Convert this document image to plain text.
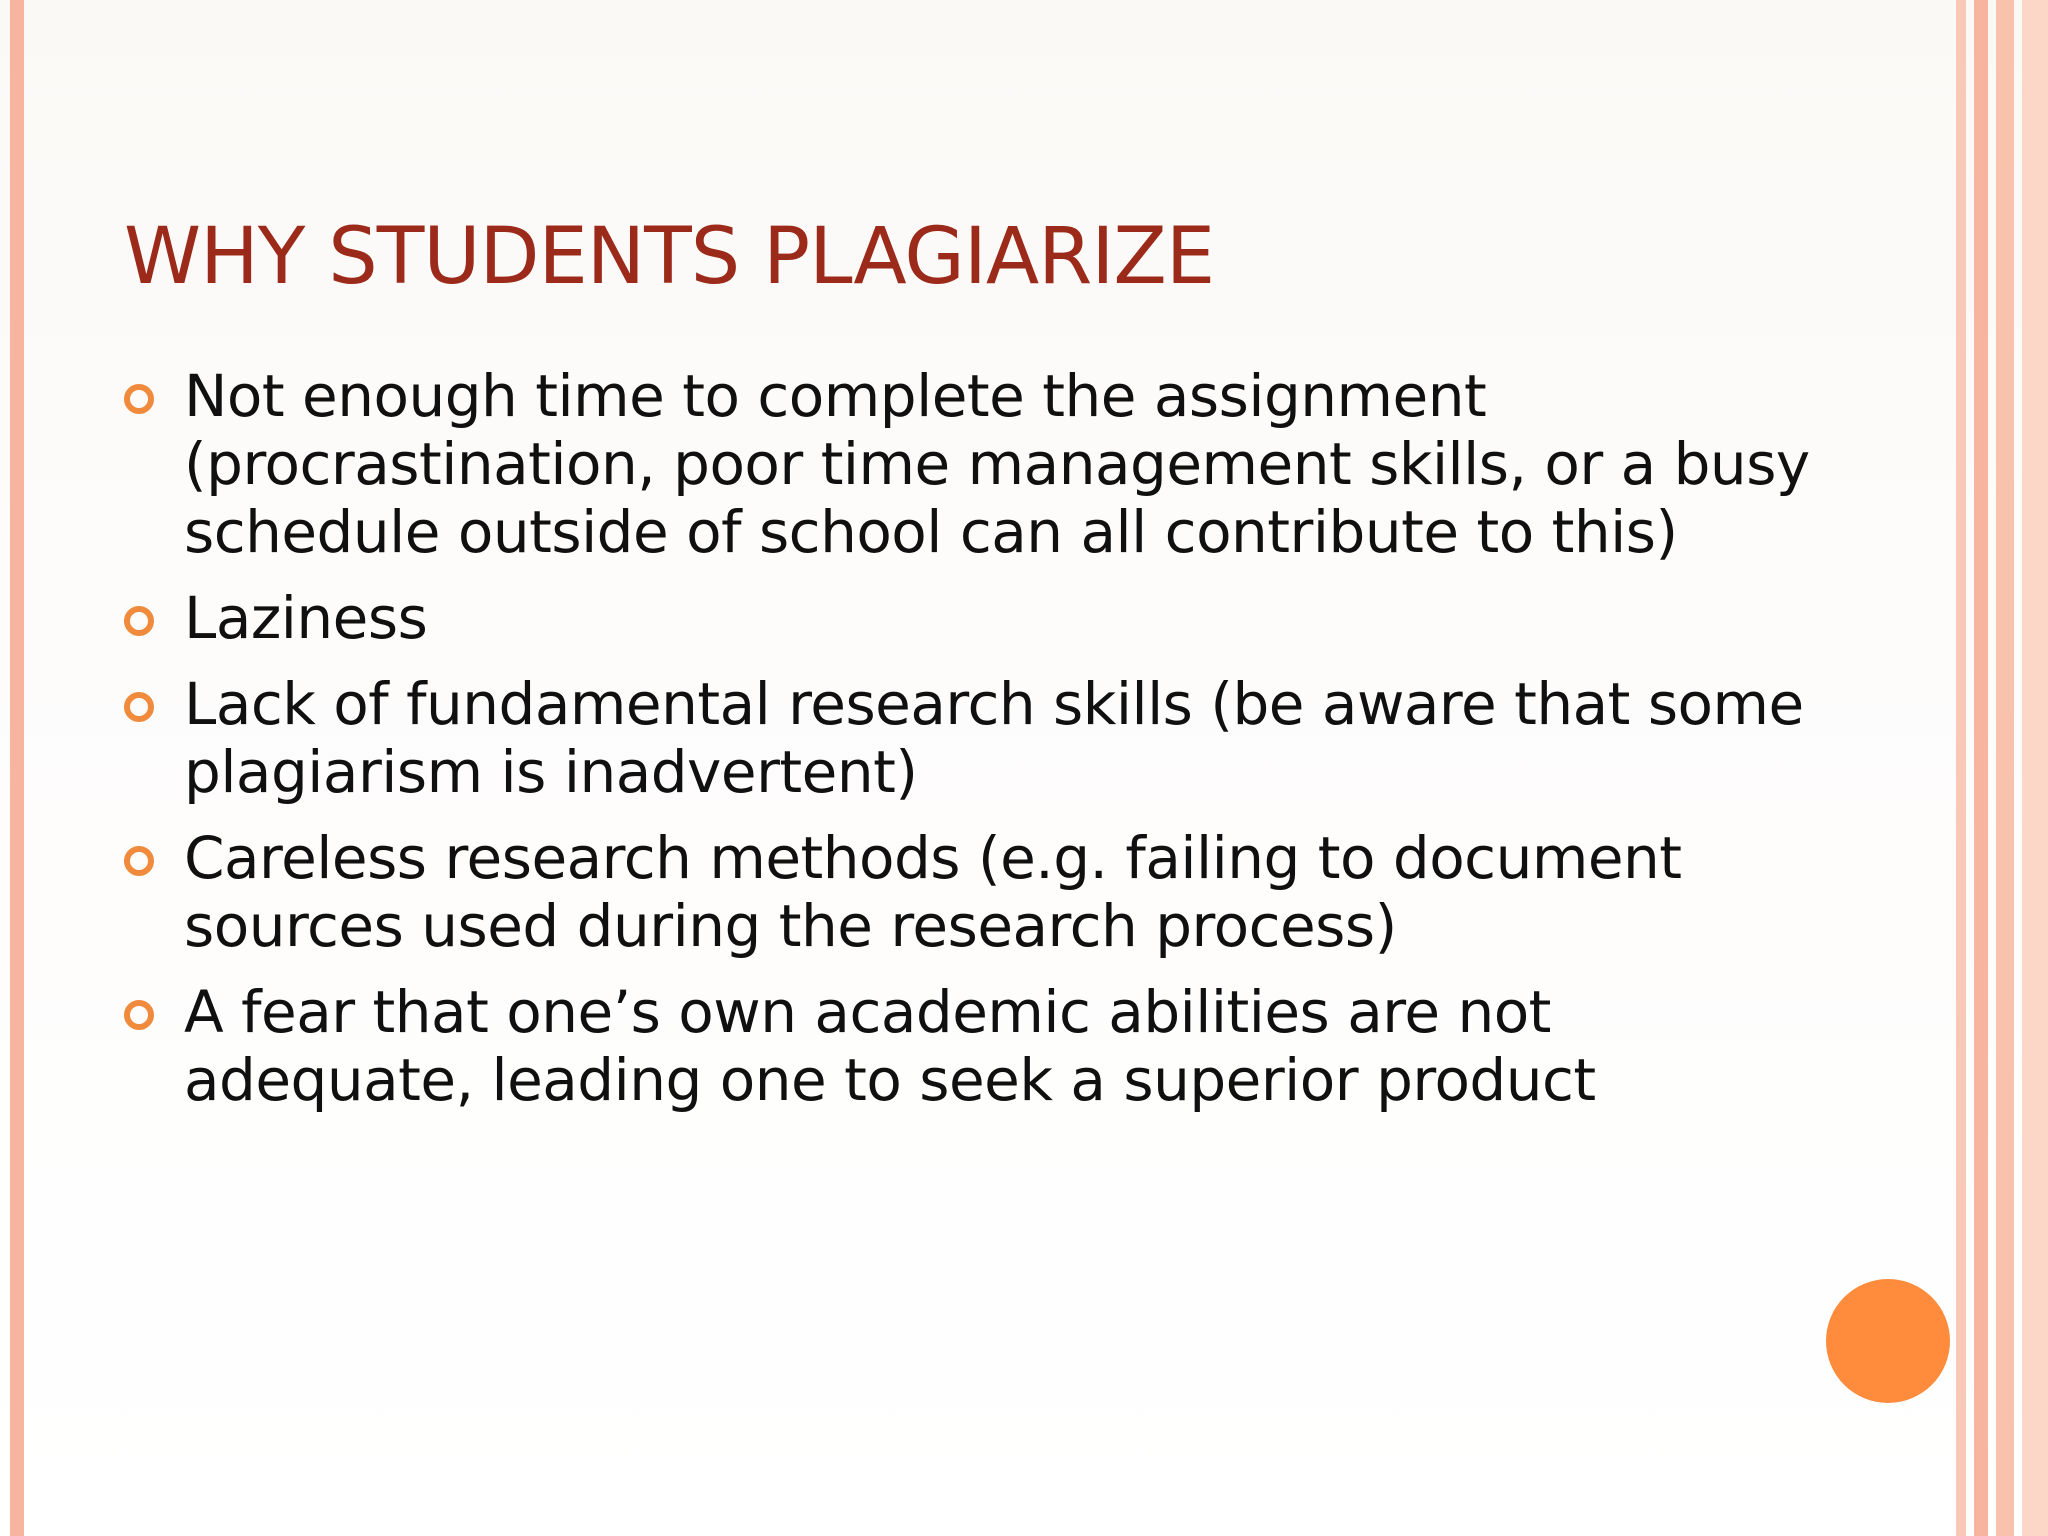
WHY STUDENTS PLAGIARIZE
Not enough time to complete the assignment (procrastination, poor time management skills, or a busy schedule outside of school can all contribute to this)
Laziness
Lack of fundamental research skills (be aware that some plagiarism is inadvertent)
Careless research methods (e.g. failing to document sources used during the research process)
A fear that one’s own academic abilities are not adequate, leading one to seek a superior product
